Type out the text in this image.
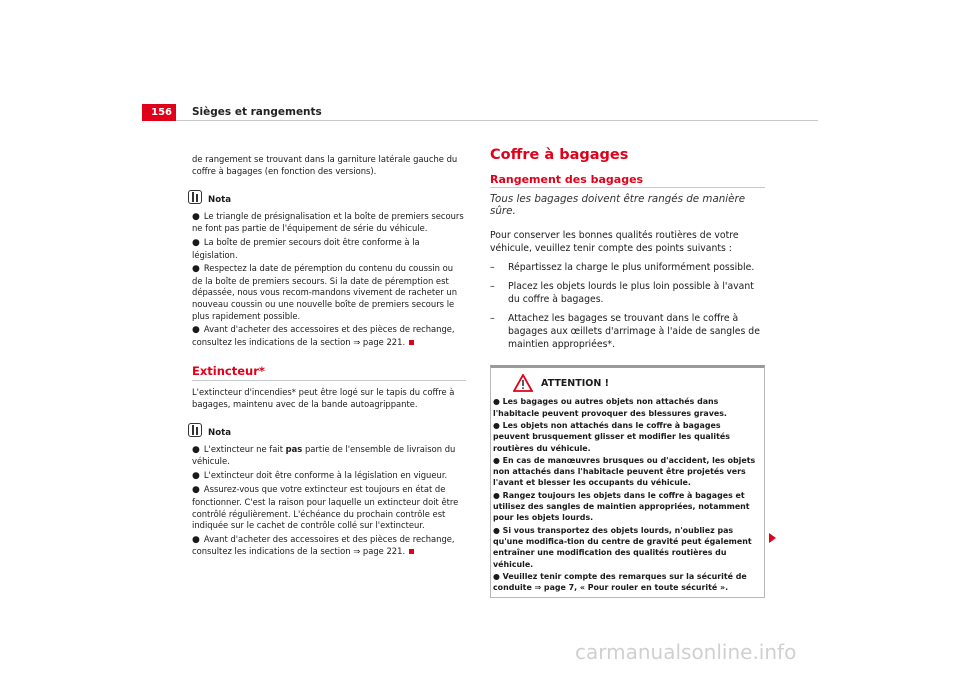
156	Sièges et rangements

de rangement se trouvant dans la garniture latérale gauche du coffre à bagages (en fonction des versions).

Nota
● Le triangle de présignalisation et la boîte de premiers secours ne font pas partie de l'équipement de série du véhicule.
● La boîte de premier secours doit être conforme à la législation.
● Respectez la date de péremption du contenu du coussin ou de la boîte de premiers secours. Si la date de péremption est dépassée, nous vous recom-mandons vivement de racheter un nouveau coussin ou une nouvelle boîte de premiers secours le plus rapidement possible.
● Avant d'acheter des accessoires et des pièces de rechange, consultez les indications de la section ⇒ page 221.
Extincteur*

L'extincteur d'incendies* peut être logé sur le tapis du coffre à bagages, maintenu avec de la bande autoagrippante.

Nota
● L'extincteur ne fait pas partie de l'ensemble de livraison du véhicule.
● L'extincteur doit être conforme à la législation en vigueur.
● Assurez-vous que votre extincteur est toujours en état de fonctionner. C'est la raison pour laquelle un extincteur doit être contrôlé régulièrement. L'échéance du prochain contrôle est indiquée sur le cachet de contrôle collé sur l'extincteur.
● Avant d'acheter des accessoires et des pièces de rechange, consultez les indications de la section ⇒ page 221.
Coffre à bagages
Rangement des bagages
Tous les bagages doivent être rangés de manière sûre.

Pour conserver les bonnes qualités routières de votre véhicule, veuillez tenir compte des points suivants :

– Répartissez la charge le plus uniformément possible.
– Placez les objets lourds le plus loin possible à l'avant du coffre à bagages.
– Attachez les bagages se trouvant dans le coffre à bagages aux œillets d'arrimage à l'aide de sangles de maintien appropriées*.
ATTENTION !
● Les bagages ou autres objets non attachés dans l'habitacle peuvent provoquer des blessures graves.
● Les objets non attachés dans le coffre à bagages peuvent brusquement glisser et modifier les qualités routières du véhicule.
● En cas de manœuvres brusques ou d'accident, les objets non attachés dans l'habitacle peuvent être projetés vers l'avant et blesser les occupants du véhicule.
● Rangez toujours les objets dans le coffre à bagages et utilisez des sangles de maintien appropriées, notamment pour les objets lourds.
● Si vous transportez des objets lourds, n'oubliez pas qu'une modifica-tion du centre de gravité peut également entraîner une modification des qualités routières du véhicule.
● Veuillez tenir compte des remarques sur la sécurité de conduite ⇒ page 7, « Pour rouler en toute sécurité ».
carmanualsonline.info
